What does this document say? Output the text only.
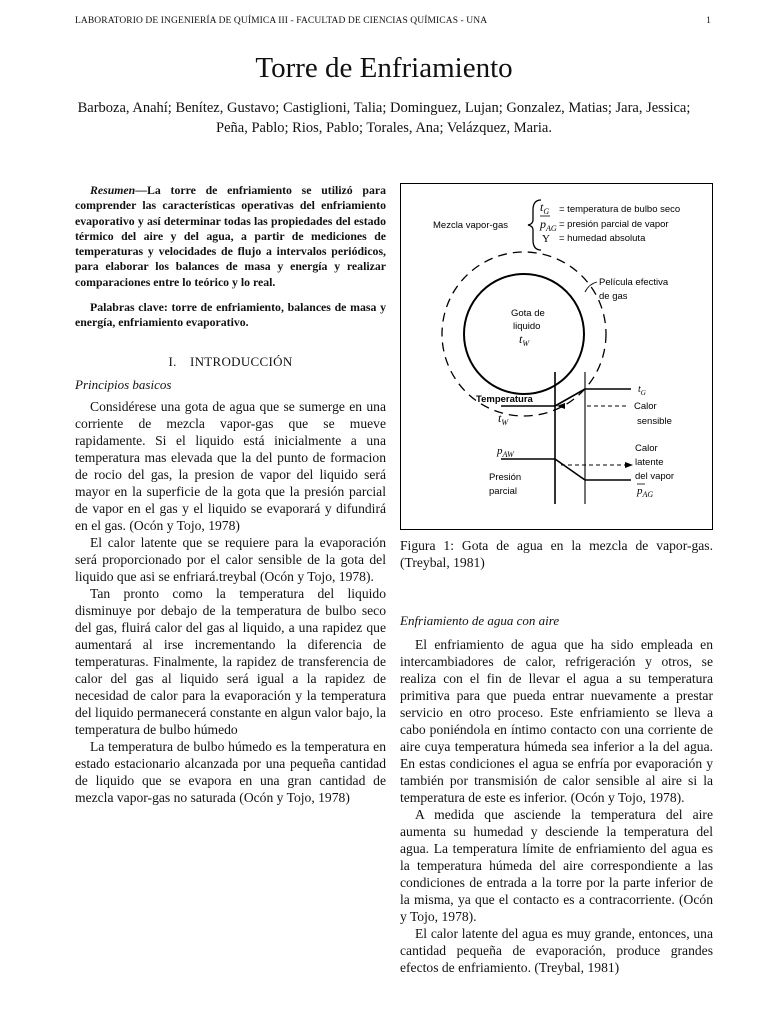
LABORATORIO DE INGENIERÍA DE QUÍMICA III - FACULTAD DE CIENCIAS QUÍMICAS - UNA	1
Torre de Enfriamiento
Barboza, Anahí; Benítez, Gustavo; Castiglioni, Talia; Dominguez, Lujan; Gonzalez, Matias; Jara, Jessica; Peña, Pablo; Rios, Pablo; Torales, Ana; Velázquez, Maria.

Resumen—La torre de enfriamiento se utilizó para comprender las características operativas del enfriamiento evaporativo y así determinar todas las propiedades del estado térmico del aire y del agua, a partir de mediciones de temperaturas y velocidades de flujo a intervalos periódicos, para elaborar los balances de masa y energía y realizar comparaciones entre lo teórico y lo real.

Palabras clave: torre de enfriamiento, balances de masa y energía, enfriamiento evaporativo.

I. INTRODUCCIÓN
Principios basicos

Considérese una gota de agua que se sumerge en una corriente de mezcla vapor-gas que se mueve rapidamente. Si el liquido está inicialmente a una temperatura mas elevada que la del punto de formacion de rocio del gas, la presion de vapor del liquido será mayor en la superficie de la gota que la presión parcial de vapor en el gas y el liquido se evaporará y difundirá en el gas. (Ocón y Tojo, 1978)

El calor latente que se requiere para la evaporación será proporcionado por el calor sensible de la gota del liquido que asi se enfriará.treybal (Ocón y Tojo, 1978).

Tan pronto como la temperatura del liquido disminuye por debajo de la temperatura de bulbo seco del gas, fluirá calor del gas al liquido, a una rapidez que aumentará al irse incrementando la diferencia de temperaturas. Finalmente, la rapidez de transferencia de calor del gas al liquido será igual a la rapidez de necesidad de calor para la evaporación y la temperatura del liquido permanecerá constante en algun valor bajo, la temperatura de bulbo húmedo

La temperatura de bulbo húmedo es la temperatura en estado estacionario alcanzada por una pequeña cantidad de liquido que se evapora en una gran cantidad de mezcla vapor-gas no saturada (Ocón y Tojo, 1978)

Mezcla vapor-gas
$t_G$
$p_{AG}$
Y
= temperatura de bulbo seco
= presión parcial de vapor
= humedad absoluta
Gota de
liquido
$t_W$
Película efectiva
de gas
$t_G$
Temperatura
$t_W$
Calor
sensible
$p_{AW}$
Presión
parcial
Calor
latente
del vapor
$p_{AG}$

Figura 1: Gota de agua en la mezcla de vapor-gas.(Treybal, 1981)

Enfriamiento de agua con aire

El enfriamiento de agua que ha sido empleada en intercambiadores de calor, refrigeración y otros, se realiza con el fin de llevar el agua a su temperatura primitiva para que pueda entrar nuevamente a prestar servicio en otro proceso. Este enfriamiento se lleva a cabo poniéndola en íntimo contacto con una corriente de aire cuya temperatura húmeda sea inferior a la del agua. En estas condiciones el agua se enfría por evaporación y también por transmisión de calor sensible al aire si la temperatura de este es inferior. (Ocón y Tojo, 1978).

A medida que asciende la temperatura del aire aumenta su humedad y desciende la temperatura del agua. La temperatura límite de enfriamiento del agua es la temperatura húmeda del aire correspondiente a las condiciones de entrada a la torre por la parte inferior de la misma, ya que el contacto es a contracorriente. (Ocón y Tojo, 1978).

El calor latente del agua es muy grande, entonces, una cantidad pequeña de evaporación, produce grandes efectos de enfriamiento. (Treybal, 1981)
